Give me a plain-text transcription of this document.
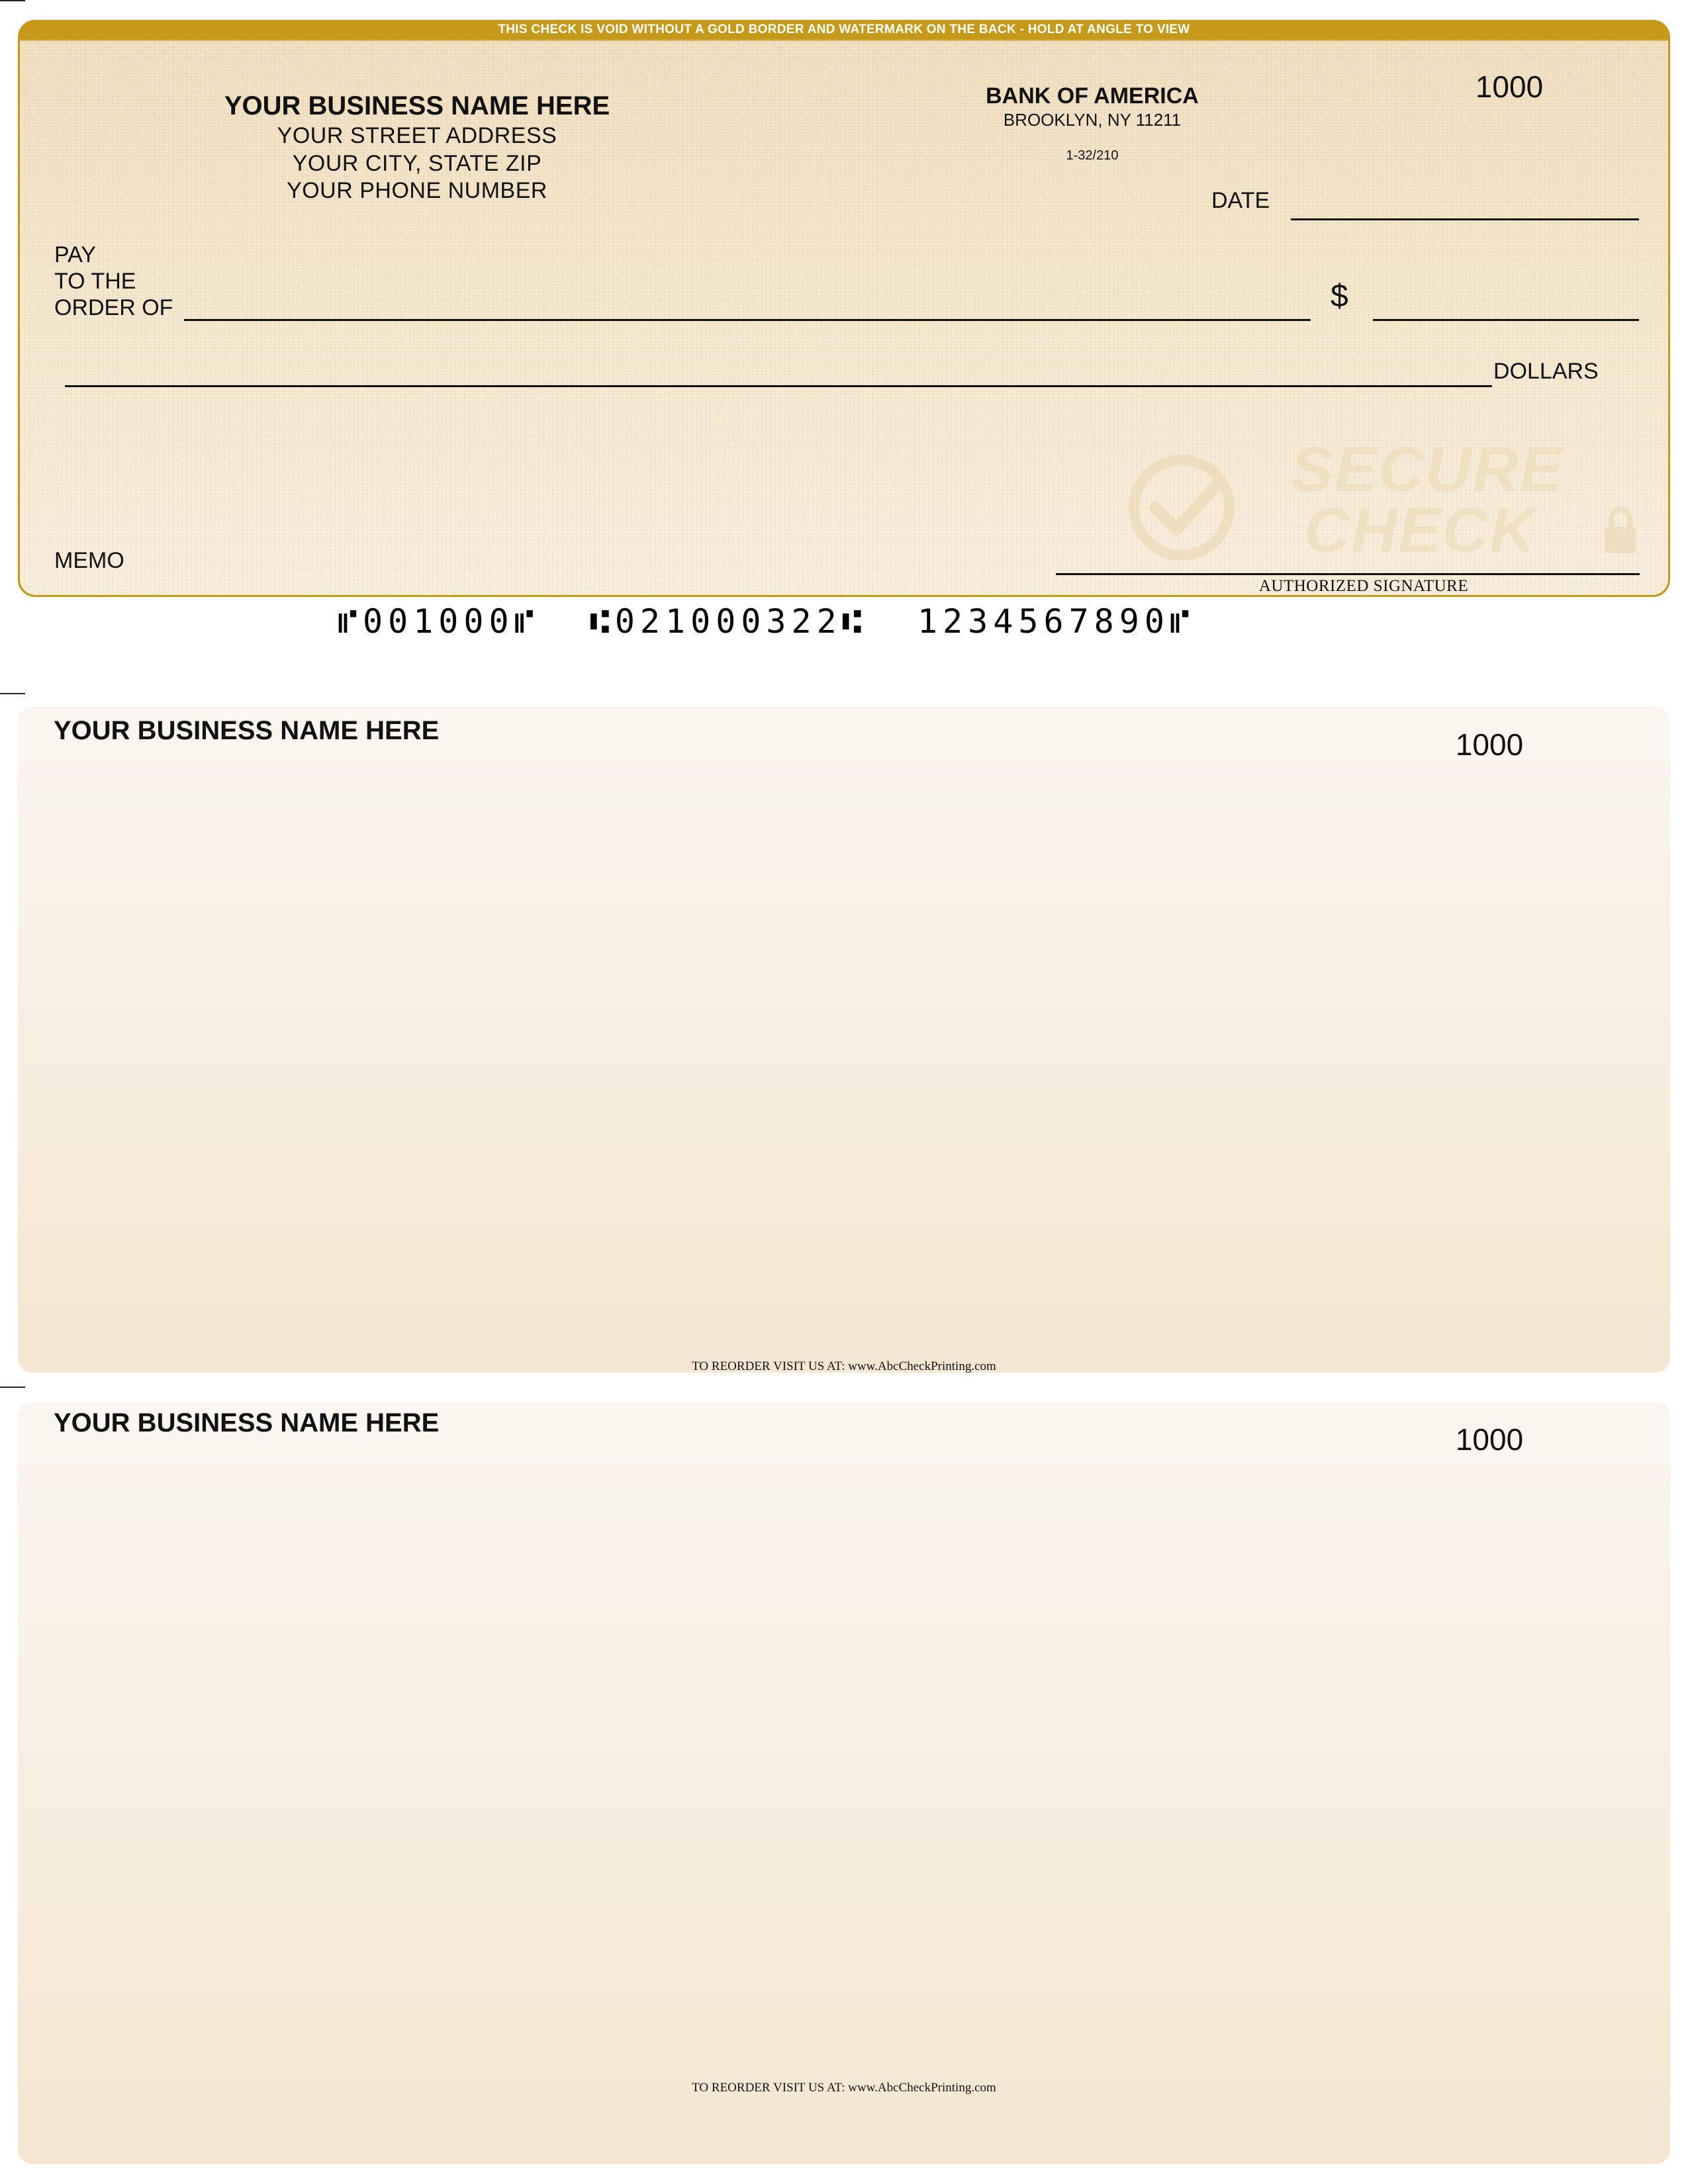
THIS CHECK IS VOID WITHOUT A GOLD BORDER AND WATERMARK ON THE BACK - HOLD AT ANGLE TO VIEW
YOUR BUSINESS NAME HERE
YOUR STREET ADDRESS
YOUR CITY, STATE ZIP
YOUR PHONE NUMBER
BANK OF AMERICA
BROOKLYN, NY 11211
1-32/210
1000
DATE
PAY
TO THE
ORDER OF	$
DOLLARS
SECURE
CHECK
MEMO
AUTHORIZED SIGNATURE
⑈001000⑈  ⑆021000322⑆  1234567890⑈
YOUR BUSINESS NAME HERE	1000
TO REORDER VISIT US AT: www.AbcCheckPrinting.com
YOUR BUSINESS NAME HERE	1000
TO REORDER VISIT US AT: www.AbcCheckPrinting.com
